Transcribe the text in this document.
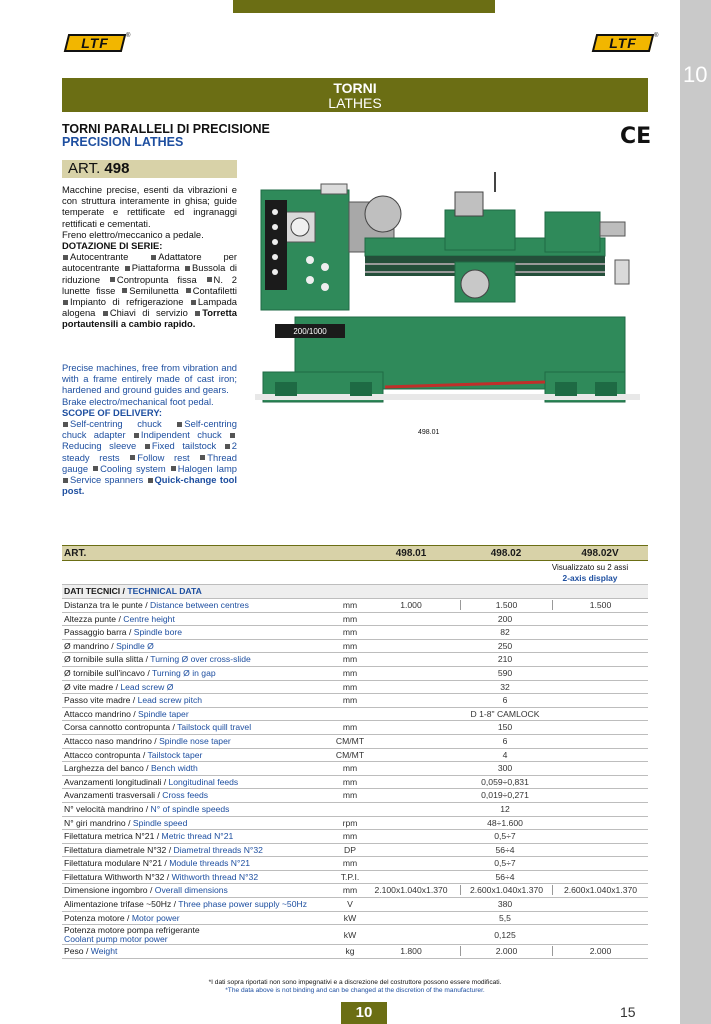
10
LTF	®	LTF	®
TORNI
LATHES
TORNI PARALLELI DI PRECISIONE
PRECISION LATHES	CE
ART. 498
Macchine precise, esenti da vibrazioni e con struttura interamente in ghisa; guide temperate e rettificate ed ingranaggi rettificati e cementati.
Freno elettro/meccanico a pedale.
DOTAZIONE DI SERIE:
Autocentrante	Adattatore per autocentrante Piattaforma Bussola di riduzione Contropunta fissa N. 2 lunette fisse Semilunetta Contafiletti Impianto di refrigerazione Lampada alogena Chiavi di servizio Torretta portautensili a cambio rapido.
Precise machines, free from vibration and with a frame entirely made of cast iron; hardened and ground guides and gears.
Brake electro/mechanical foot pedal.
SCOPE OF DELIVERY:
Self-centring chuck Self-centring chuck adapter Indipendent chuck Reducing sleeve Fixed tailstock 2 steady rests Follow rest Thread gauge Cooling system Halogen lamp Service spanners Quick-change tool post.
200/1000
498.01
ART.	498.01	498.02	498.02V
Visualizzato su 2 assi
2-axis display
DATI TECNICI / TECHNICAL DATA
Distanza tra le punte / Distance between centres	mm	1.000	1.500	1.500
Altezza punte / Centre height	mm	200
Passaggio barra / Spindle bore	mm	82
Ø mandrino / Spindle Ø	mm	250
Ø tornibile sulla slitta / Turning Ø over cross-slide	mm	210
Ø tornibile sull'incavo / Turning Ø in gap	mm	590
Ø vite madre / Lead screw Ø	mm	32
Passo vite madre / Lead screw pitch	mm	6
Attacco mandrino / Spindle taper	D 1-8" CAMLOCK
Corsa cannotto contropunta / Tailstock quill travel	mm	150
Attacco naso mandrino / Spindle nose taper	CM/MT	6
Attacco contropunta / Tailstock taper	CM/MT	4
Larghezza del banco / Bench width	mm	300
Avanzamenti longitudinali / Longitudinal feeds	mm	0,059÷0,831
Avanzamenti trasversali / Cross feeds	mm	0,019÷0,271
N° velocità mandrino / N° of spindle speeds	12
N° giri mandrino / Spindle speed	rpm	48÷1.600
Filettatura metrica N°21 / Metric thread N°21	mm	0,5÷7
Filettatura diametrale N°32 / Diametral threads N°32	DP	56÷4
Filettatura modulare N°21 / Module threads N°21	mm	0,5÷7
Filettatura Withworth N°32 / Withworth thread N°32	T.P.I.	56÷4
Dimensione ingombro / Overall dimensions	mm	2.100x1.040x1.370	2.600x1.040x1.370	2.600x1.040x1.370
Alimentazione trifase ~50Hz / Three phase power supply ~50Hz	V	380
Potenza motore / Motor power	kW	5,5
Potenza motore pompa refrigerante
Coolant pump motor power	kW	0,125
Peso / Weight	kg	1.800	2.000	2.000
*I dati sopra riportati non sono impegnativi e a discrezione del costruttore possono essere modificati.
*The data above is not binding and can be changed at the discretion of the manufacturer.
10	15
